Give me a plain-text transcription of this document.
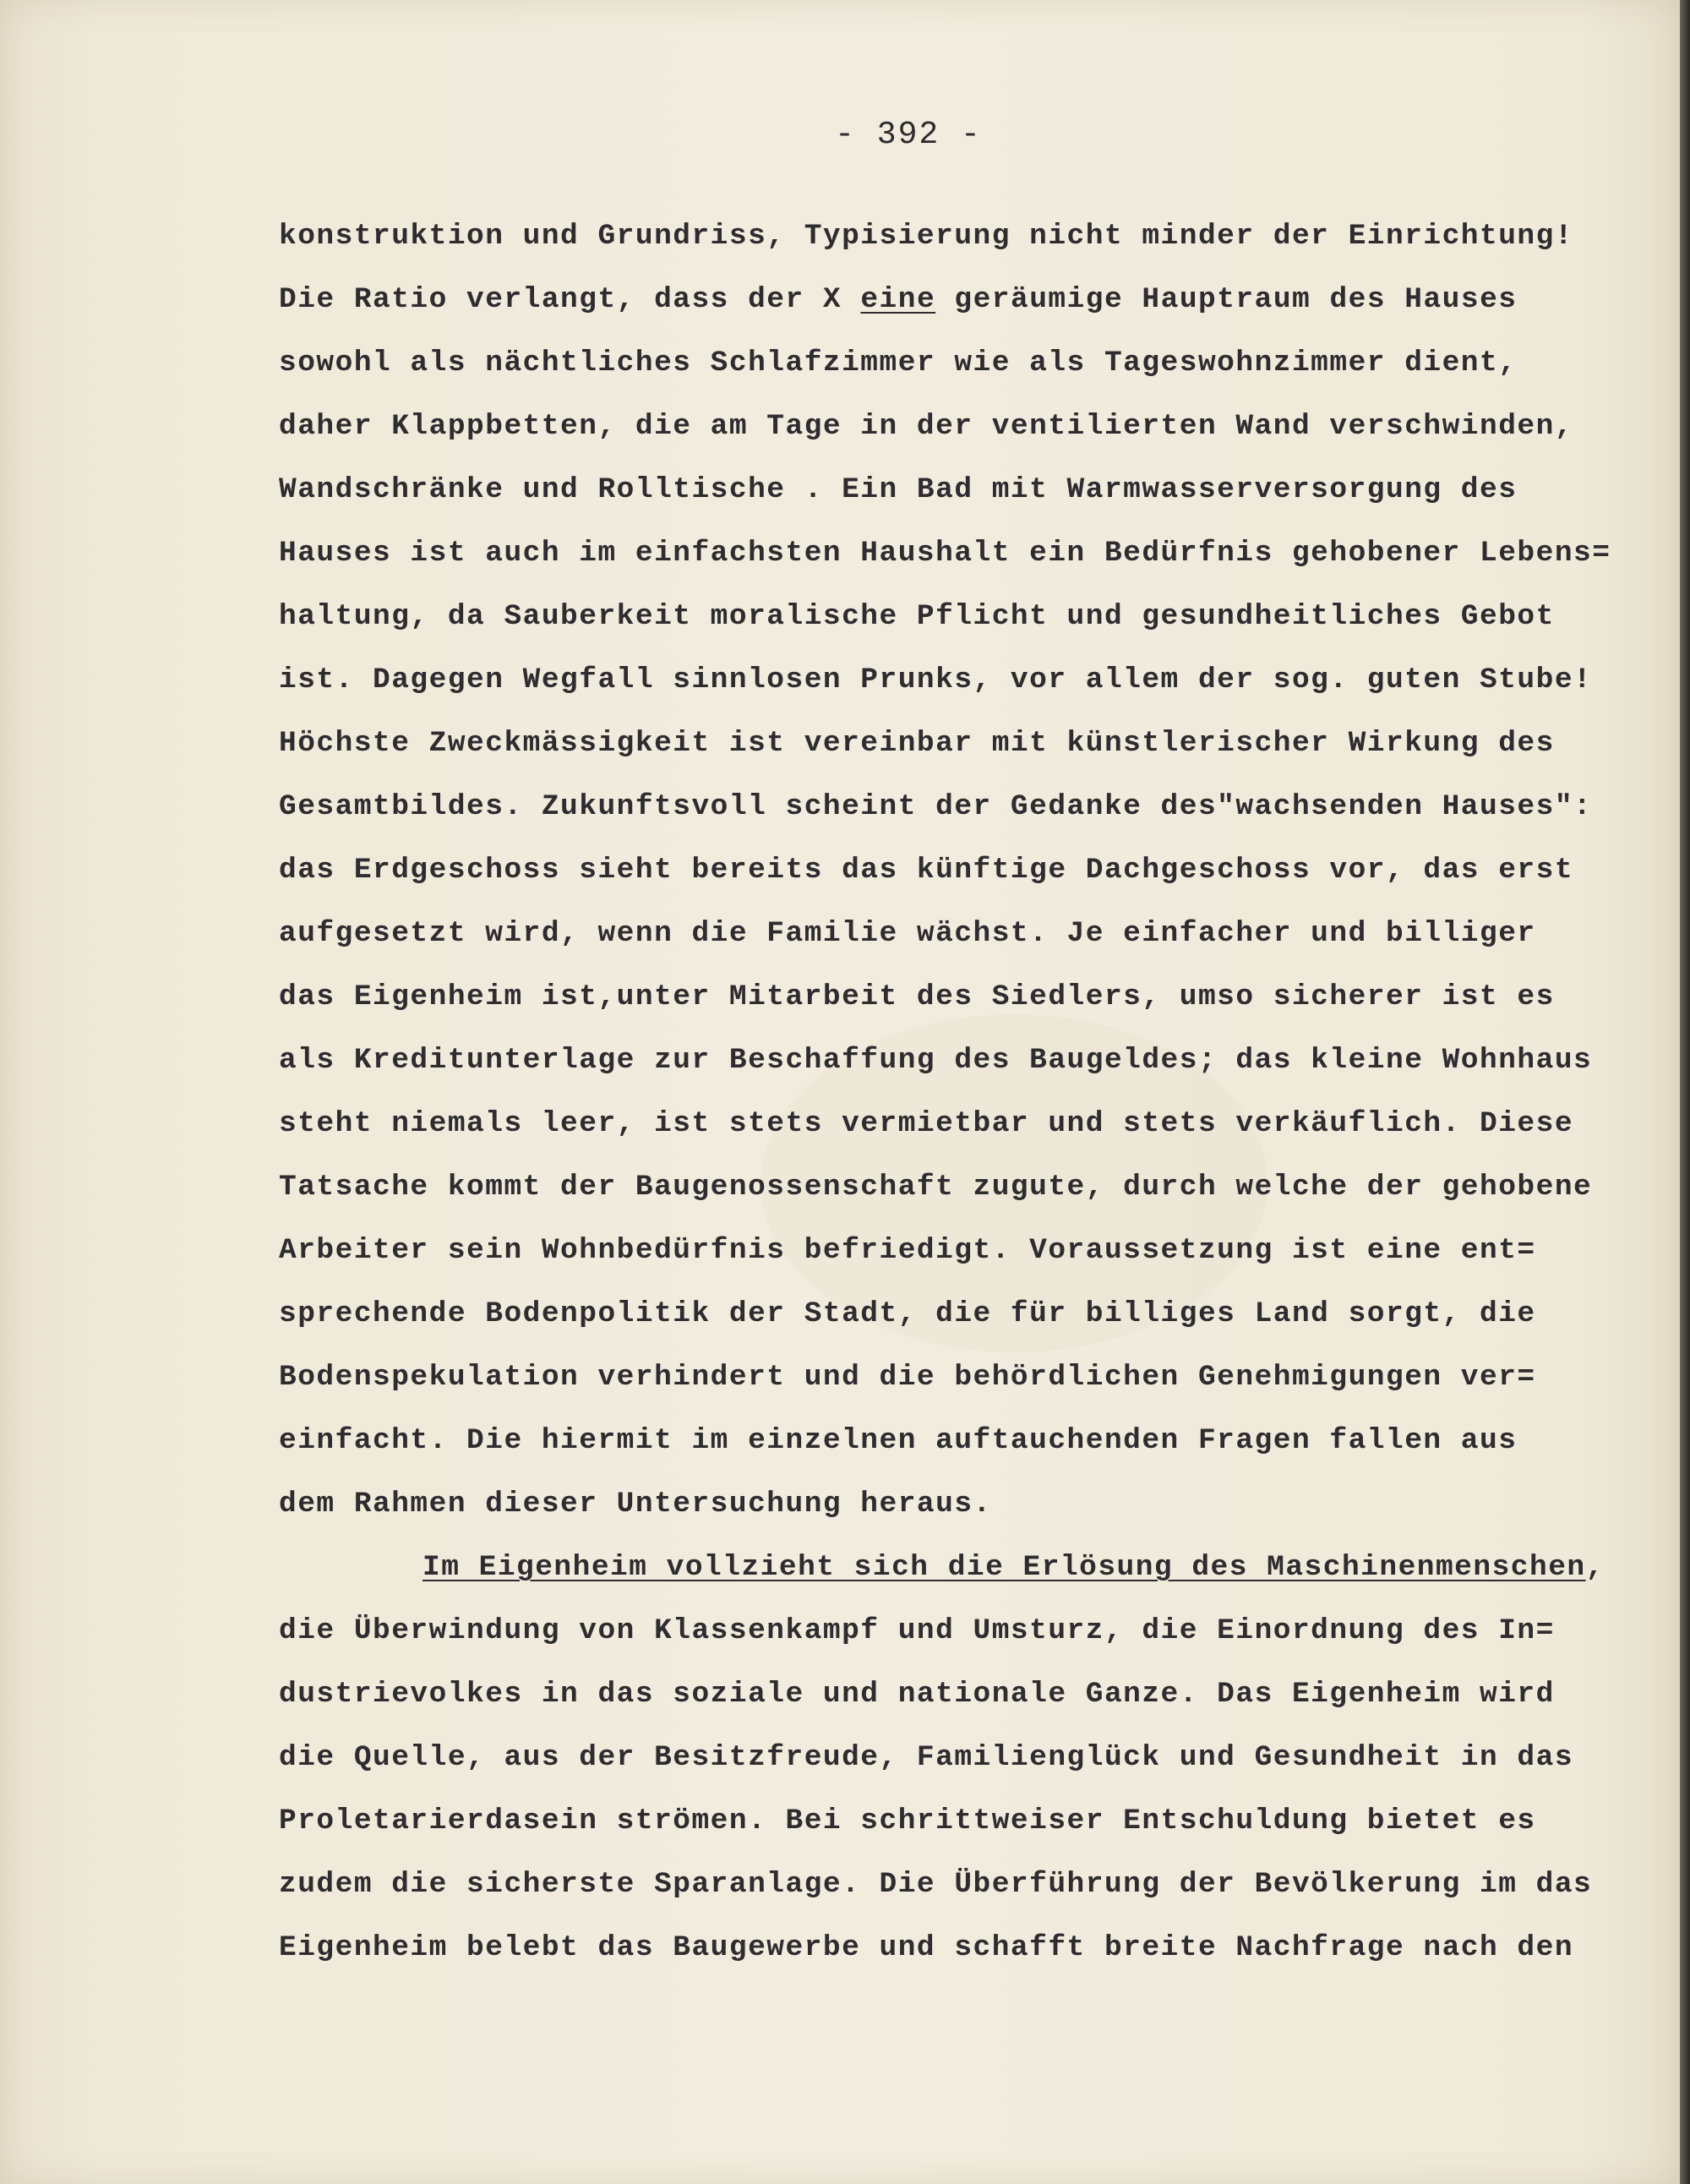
- 392 -
konstruktion und Grundriss, Typisierung nicht minder der Einrichtung!
Die Ratio verlangt, dass der X eine geräumige Hauptraum des Hauses
sowohl als nächtliches Schlafzimmer wie als Tageswohnzimmer dient,
daher Klappbetten, die am Tage in der ventilierten Wand verschwinden,
Wandschränke und Rolltische . Ein Bad mit Warmwasserversorgung des
Hauses ist auch im einfachsten Haushalt ein Bedürfnis gehobener Lebens=
haltung, da Sauberkeit moralische Pflicht und gesundheitliches Gebot
ist. Dagegen Wegfall sinnlosen Prunks, vor allem der sog. guten Stube!
Höchste Zweckmässigkeit ist vereinbar mit künstlerischer Wirkung des
Gesamtbildes. Zukunftsvoll scheint der Gedanke des"wachsenden Hauses":
das Erdgeschoss sieht bereits das künftige Dachgeschoss vor, das erst
aufgesetzt wird, wenn die Familie wächst. Je einfacher und billiger
das Eigenheim ist,unter Mitarbeit des Siedlers, umso sicherer ist es
als Kreditunterlage zur Beschaffung des Baugeldes; das kleine Wohnhaus
steht niemals leer, ist stets vermietbar und stets verkäuflich. Diese
Tatsache kommt der Baugenossenschaft zugute, durch welche der gehobene
Arbeiter sein Wohnbedürfnis befriedigt. Voraussetzung ist eine ent=
sprechende Bodenpolitik der Stadt, die für billiges Land sorgt, die
Bodenspekulation verhindert und die behördlichen Genehmigungen ver=
einfacht. Die hiermit im einzelnen auftauchenden Fragen fallen aus
dem Rahmen dieser Untersuchung heraus.
Im Eigenheim vollzieht sich die Erlösung des Maschinenmenschen,
die Überwindung von Klassenkampf und Umsturz, die Einordnung des In=
dustrievolkes in das soziale und nationale Ganze. Das Eigenheim wird
die Quelle, aus der Besitzfreude, Familienglück und Gesundheit in das
Proletarierdasein strömen. Bei schrittweiser Entschuldung bietet es
zudem die sicherste Sparanlage. Die Überführung der Bevölkerung im das
Eigenheim belebt das Baugewerbe und schafft breite Nachfrage nach den
